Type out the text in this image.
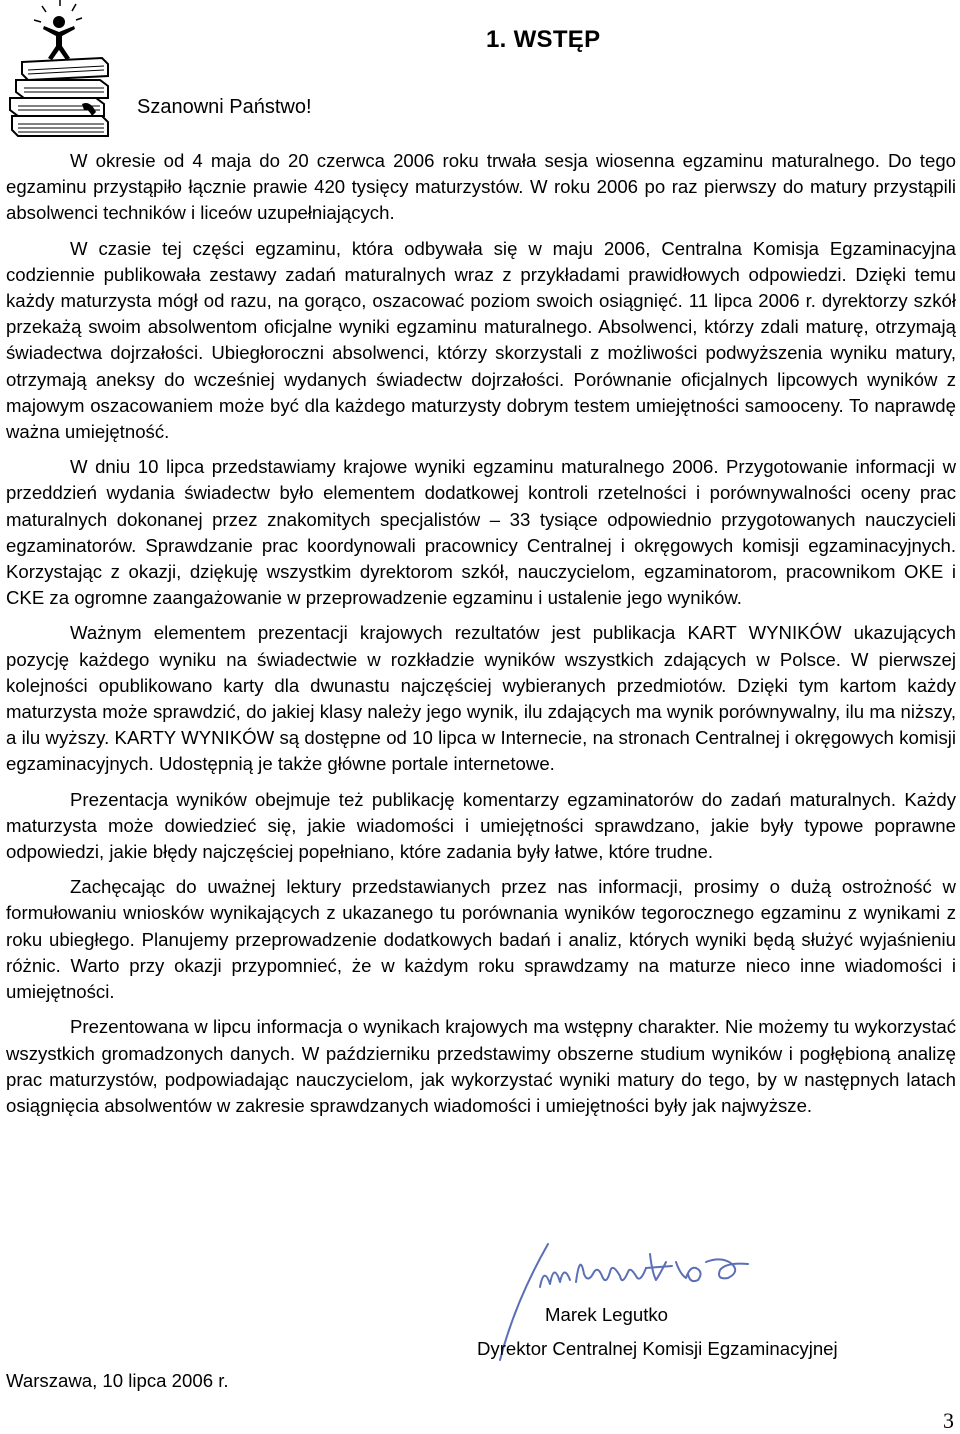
1. WSTĘP
Szanowni Państwo!

W okresie od 4 maja do 20 czerwca 2006 roku trwała sesja wiosenna egzaminu maturalnego. Do tego egzaminu przystąpiło łącznie prawie 420 tysięcy maturzystów. W roku 2006 po raz pierwszy do matury przystąpili absolwenci techników i liceów uzupełniających.

W czasie tej części egzaminu, która odbywała się w maju 2006, Centralna Komisja Egzaminacyjna codziennie publikowała zestawy zadań maturalnych wraz z przykładami prawidłowych odpowiedzi. Dzięki temu każdy maturzysta mógł od razu, na gorąco, oszacować poziom swoich osiągnięć. 11 lipca 2006 r. dyrektorzy szkół przekażą swoim absolwentom oficjalne wyniki egzaminu maturalnego. Absolwenci, którzy zdali maturę, otrzymają świadectwa dojrzałości. Ubiegłoroczni absolwenci, którzy skorzystali z możliwości podwyższenia wyniku matury, otrzymają aneksy do wcześniej wydanych świadectw dojrzałości. Porównanie oficjalnych lipcowych wyników z majowym oszacowaniem może być dla każdego maturzysty dobrym testem umiejętności samooceny. To naprawdę ważna umiejętność.

W dniu 10 lipca przedstawiamy krajowe wyniki egzaminu maturalnego 2006. Przygotowanie informacji w przeddzień wydania świadectw było elementem dodatkowej kontroli rzetelności i porównywalności oceny prac maturalnych dokonanej przez znakomitych specjalistów – 33 tysiące odpowiednio przygotowanych nauczycieli egzaminatorów. Sprawdzanie prac koordynowali pracownicy Centralnej i okręgowych komisji egzaminacyjnych. Korzystając z okazji, dziękuję wszystkim dyrektorom szkół, nauczycielom, egzaminatorom, pracownikom OKE i CKE za ogromne zaangażowanie w przeprowadzenie egzaminu i ustalenie jego wyników.

Ważnym elementem prezentacji krajowych rezultatów jest publikacja KART WYNIKÓW ukazujących pozycję każdego wyniku na świadectwie w rozkładzie wyników wszystkich zdających w Polsce. W pierwszej kolejności opublikowano karty dla dwunastu najczęściej wybieranych przedmiotów. Dzięki tym kartom każdy maturzysta może sprawdzić, do jakiej klasy należy jego wynik, ilu zdających ma wynik porównywalny, ilu ma niższy, a ilu wyższy. KARTY WYNIKÓW są dostępne od 10 lipca w Internecie, na stronach Centralnej i okręgowych komisji egzaminacyjnych. Udostępnią je także główne portale internetowe.

Prezentacja wyników obejmuje też publikację komentarzy egzaminatorów do zadań maturalnych. Każdy maturzysta może dowiedzieć się, jakie wiadomości i umiejętności sprawdzano, jakie były typowe poprawne odpowiedzi, jakie błędy najczęściej popełniano, które zadania były łatwe, które trudne.

Zachęcając do uważnej lektury przedstawianych przez nas informacji, prosimy o dużą ostrożność w formułowaniu wniosków wynikających z ukazanego tu porównania wyników tegorocznego egzaminu z wynikami z roku ubiegłego. Planujemy przeprowadzenie dodatkowych badań i analiz, których wyniki będą służyć wyjaśnieniu różnic. Warto przy okazji przypomnieć, że w każdym roku sprawdzamy na maturze nieco inne wiadomości i umiejętności.

Prezentowana w lipcu informacja o wynikach krajowych ma wstępny charakter. Nie możemy tu wykorzystać wszystkich gromadzonych danych. W październiku przedstawimy obszerne studium wyników i pogłębioną analizę prac maturzystów, podpowiadając nauczycielom, jak wykorzystać wyniki matury do tego, by w następnych latach osiągnięcia absolwentów w zakresie sprawdzanych wiadomości i umiejętności były jak najwyższe.

Marek Legutko
Dyrektor Centralnej Komisji Egzaminacyjnej
Warszawa, 10 lipca 2006 r.
3
